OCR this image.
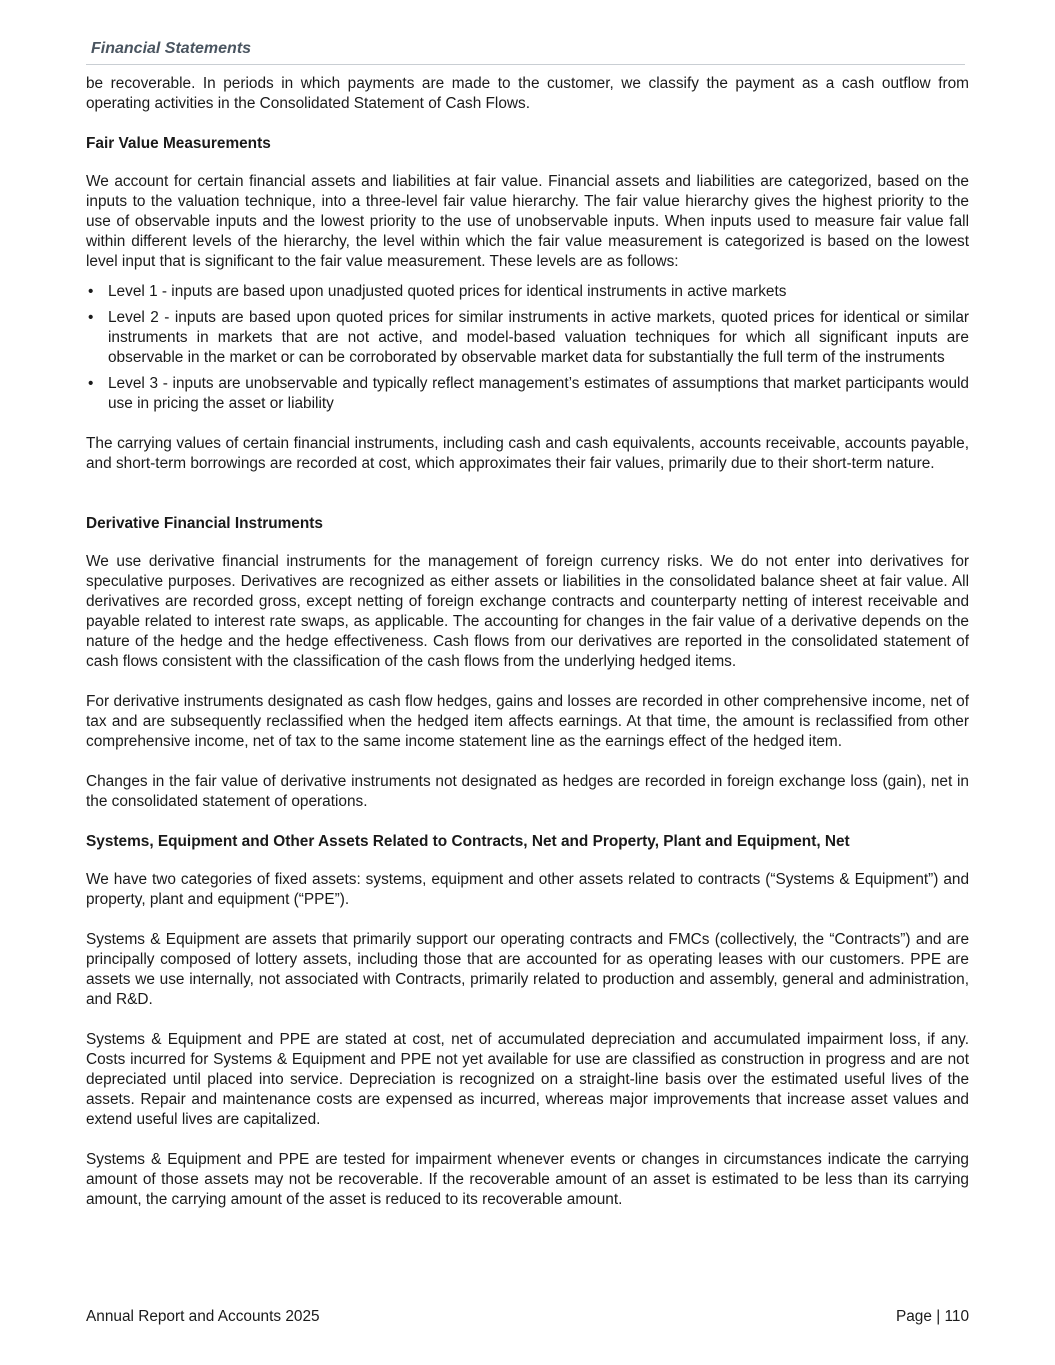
Financial Statements

be recoverable. In periods in which payments are made to the customer, we classify the payment as a cash outflow from operating activities in the Consolidated Statement of Cash Flows.

Fair Value Measurements

We account for certain financial assets and liabilities at fair value. Financial assets and liabilities are categorized, based on the inputs to the valuation technique, into a three-level fair value hierarchy. The fair value hierarchy gives the highest priority to the use of observable inputs and the lowest priority to the use of unobservable inputs. When inputs used to measure fair value fall within different levels of the hierarchy, the level within which the fair value measurement is categorized is based on the lowest level input that is significant to the fair value measurement. These levels are as follows:

• Level 1 - inputs are based upon unadjusted quoted prices for identical instruments in active markets
• Level 2 - inputs are based upon quoted prices for similar instruments in active markets, quoted prices for identical or similar instruments in markets that are not active, and model-based valuation techniques for which all significant inputs are observable in the market or can be corroborated by observable market data for substantially the full term of the instruments
• Level 3 - inputs are unobservable and typically reflect management’s estimates of assumptions that market participants would use in pricing the asset or liability

The carrying values of certain financial instruments, including cash and cash equivalents, accounts receivable, accounts payable, and short-term borrowings are recorded at cost, which approximates their fair values, primarily due to their short-term nature.

Derivative Financial Instruments

We use derivative financial instruments for the management of foreign currency risks. We do not enter into derivatives for speculative purposes. Derivatives are recognized as either assets or liabilities in the consolidated balance sheet at fair value. All derivatives are recorded gross, except netting of foreign exchange contracts and counterparty netting of interest receivable and payable related to interest rate swaps, as applicable. The accounting for changes in the fair value of a derivative depends on the nature of the hedge and the hedge effectiveness. Cash flows from our derivatives are reported in the consolidated statement of cash flows consistent with the classification of the cash flows from the underlying hedged items.

For derivative instruments designated as cash flow hedges, gains and losses are recorded in other comprehensive income, net of tax and are subsequently reclassified when the hedged item affects earnings. At that time, the amount is reclassified from other comprehensive income, net of tax to the same income statement line as the earnings effect of the hedged item.

Changes in the fair value of derivative instruments not designated as hedges are recorded in foreign exchange loss (gain), net in the consolidated statement of operations.

Systems, Equipment and Other Assets Related to Contracts, Net and Property, Plant and Equipment, Net

We have two categories of fixed assets: systems, equipment and other assets related to contracts (“Systems & Equipment”) and property, plant and equipment (“PPE”).

Systems & Equipment are assets that primarily support our operating contracts and FMCs (collectively, the “Contracts”) and are principally composed of lottery assets, including those that are accounted for as operating leases with our customers. PPE are assets we use internally, not associated with Contracts, primarily related to production and assembly, general and administration, and R&D.

Systems & Equipment and PPE are stated at cost, net of accumulated depreciation and accumulated impairment loss, if any. Costs incurred for Systems & Equipment and PPE not yet available for use are classified as construction in progress and are not depreciated until placed into service. Depreciation is recognized on a straight-line basis over the estimated useful lives of the assets. Repair and maintenance costs are expensed as incurred, whereas major improvements that increase asset values and extend useful lives are capitalized.

Systems & Equipment and PPE are tested for impairment whenever events or changes in circumstances indicate the carrying amount of those assets may not be recoverable. If the recoverable amount of an asset is estimated to be less than its carrying amount, the carrying amount of the asset is reduced to its recoverable amount.

Annual Report and Accounts 2025	Page | 110
